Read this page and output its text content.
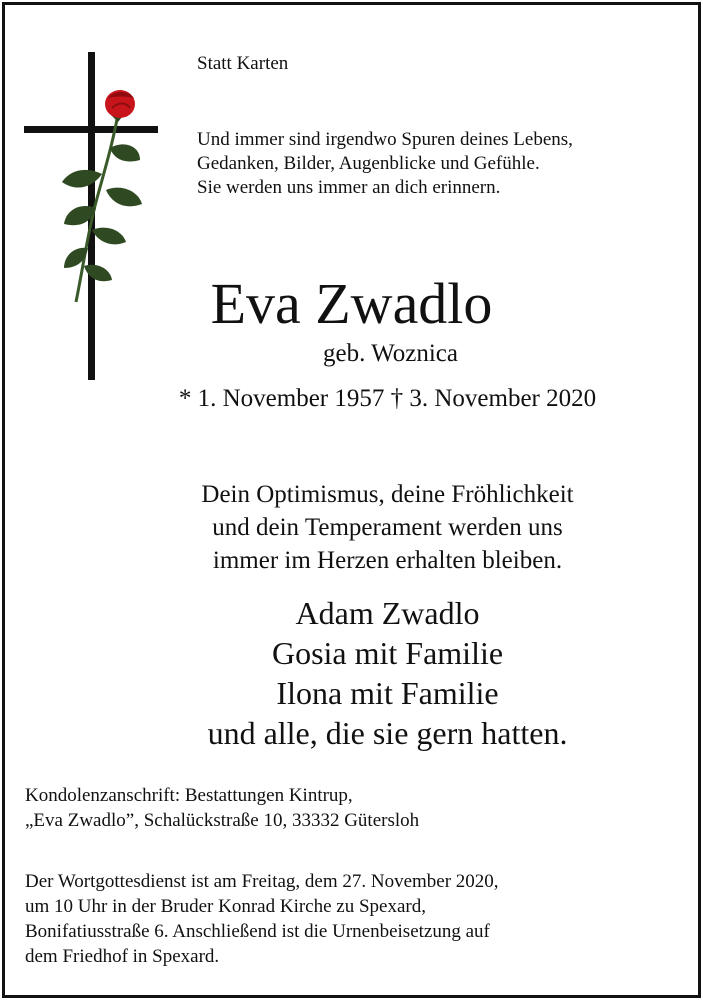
Statt Karten
Und immer sind irgendwo Spuren deines Lebens,
Gedanken, Bilder, Augenblicke und Gefühle.
Sie werden uns immer an dich erinnern.
Eva Zwadlo
geb. Woznica
* 1. November 1957 † 3. November 2020
Dein Optimismus, deine Fröhlichkeit
und dein Temperament werden uns
immer im Herzen erhalten bleiben.
Adam Zwadlo
Gosia mit Familie
Ilona mit Familie
und alle, die sie gern hatten.
Kondolenzanschrift: Bestattungen Kintrup,
„Eva Zwadlo”, Schalückstraße 10, 33332 Gütersloh
Der Wortgottesdienst ist am Freitag, dem 27. November 2020,
um 10 Uhr in der Bruder Konrad Kirche zu Spexard,
Bonifatiusstraße 6. Anschließend ist die Urnenbeisetzung auf
dem Friedhof in Spexard.
